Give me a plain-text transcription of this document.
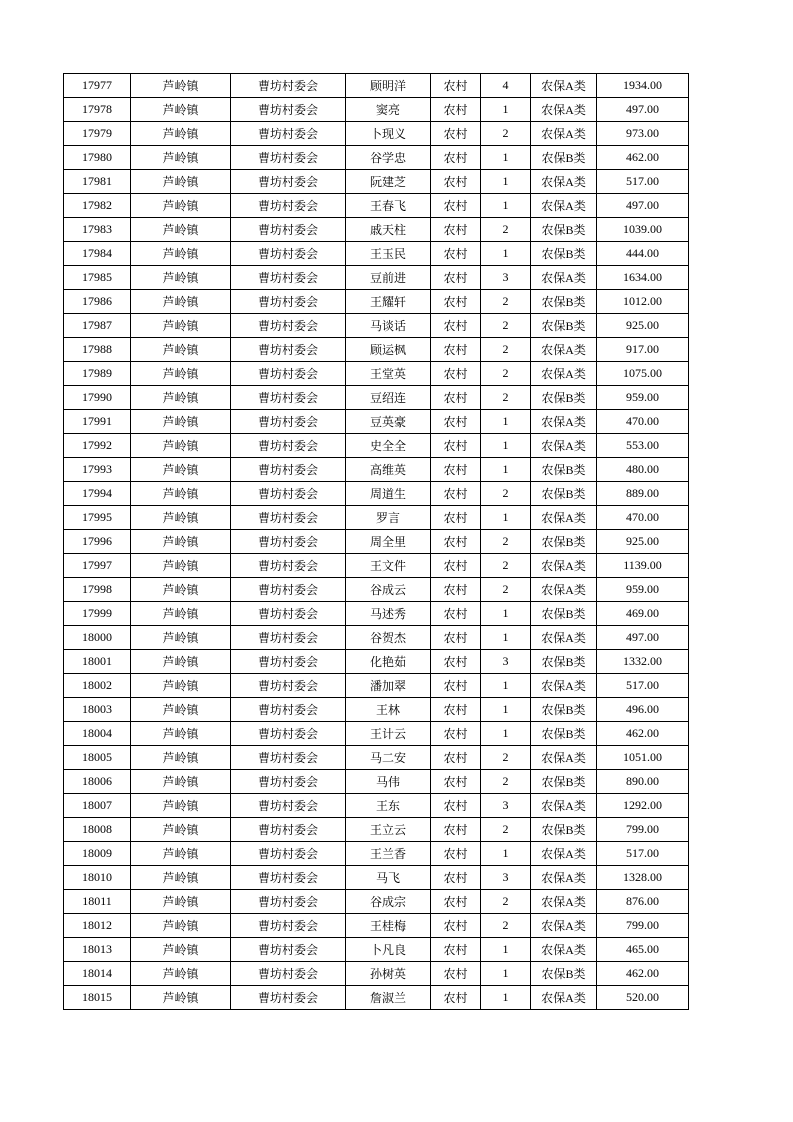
17977	芦岭镇	曹坊村委会	顾明洋	农村	4	农保A类	1934.00
17978	芦岭镇	曹坊村委会	窦亮	农村	1	农保A类	497.00
17979	芦岭镇	曹坊村委会	卜现义	农村	2	农保A类	973.00
17980	芦岭镇	曹坊村委会	谷学忠	农村	1	农保B类	462.00
17981	芦岭镇	曹坊村委会	阮建芝	农村	1	农保A类	517.00
17982	芦岭镇	曹坊村委会	王春飞	农村	1	农保A类	497.00
17983	芦岭镇	曹坊村委会	戚天柱	农村	2	农保B类	1039.00
17984	芦岭镇	曹坊村委会	王玉民	农村	1	农保B类	444.00
17985	芦岭镇	曹坊村委会	豆前进	农村	3	农保A类	1634.00
17986	芦岭镇	曹坊村委会	王耀轩	农村	2	农保B类	1012.00
17987	芦岭镇	曹坊村委会	马谈话	农村	2	农保B类	925.00
17988	芦岭镇	曹坊村委会	顾运枫	农村	2	农保A类	917.00
17989	芦岭镇	曹坊村委会	王堂英	农村	2	农保A类	1075.00
17990	芦岭镇	曹坊村委会	豆绍连	农村	2	农保B类	959.00
17991	芦岭镇	曹坊村委会	豆英豪	农村	1	农保A类	470.00
17992	芦岭镇	曹坊村委会	史全全	农村	1	农保A类	553.00
17993	芦岭镇	曹坊村委会	高维英	农村	1	农保B类	480.00
17994	芦岭镇	曹坊村委会	周道生	农村	2	农保B类	889.00
17995	芦岭镇	曹坊村委会	罗言	农村	1	农保A类	470.00
17996	芦岭镇	曹坊村委会	周全里	农村	2	农保B类	925.00
17997	芦岭镇	曹坊村委会	王文件	农村	2	农保A类	1139.00
17998	芦岭镇	曹坊村委会	谷成云	农村	2	农保A类	959.00
17999	芦岭镇	曹坊村委会	马述秀	农村	1	农保B类	469.00
18000	芦岭镇	曹坊村委会	谷贺杰	农村	1	农保A类	497.00
18001	芦岭镇	曹坊村委会	化艳茹	农村	3	农保B类	1332.00
18002	芦岭镇	曹坊村委会	潘加翠	农村	1	农保A类	517.00
18003	芦岭镇	曹坊村委会	王林	农村	1	农保B类	496.00
18004	芦岭镇	曹坊村委会	王计云	农村	1	农保B类	462.00
18005	芦岭镇	曹坊村委会	马二安	农村	2	农保A类	1051.00
18006	芦岭镇	曹坊村委会	马伟	农村	2	农保B类	890.00
18007	芦岭镇	曹坊村委会	王东	农村	3	农保A类	1292.00
18008	芦岭镇	曹坊村委会	王立云	农村	2	农保B类	799.00
18009	芦岭镇	曹坊村委会	王兰香	农村	1	农保A类	517.00
18010	芦岭镇	曹坊村委会	马飞	农村	3	农保A类	1328.00
18011	芦岭镇	曹坊村委会	谷成宗	农村	2	农保A类	876.00
18012	芦岭镇	曹坊村委会	王桂梅	农村	2	农保A类	799.00
18013	芦岭镇	曹坊村委会	卜凡良	农村	1	农保A类	465.00
18014	芦岭镇	曹坊村委会	孙树英	农村	1	农保B类	462.00
18015	芦岭镇	曹坊村委会	詹淑兰	农村	1	农保A类	520.00
